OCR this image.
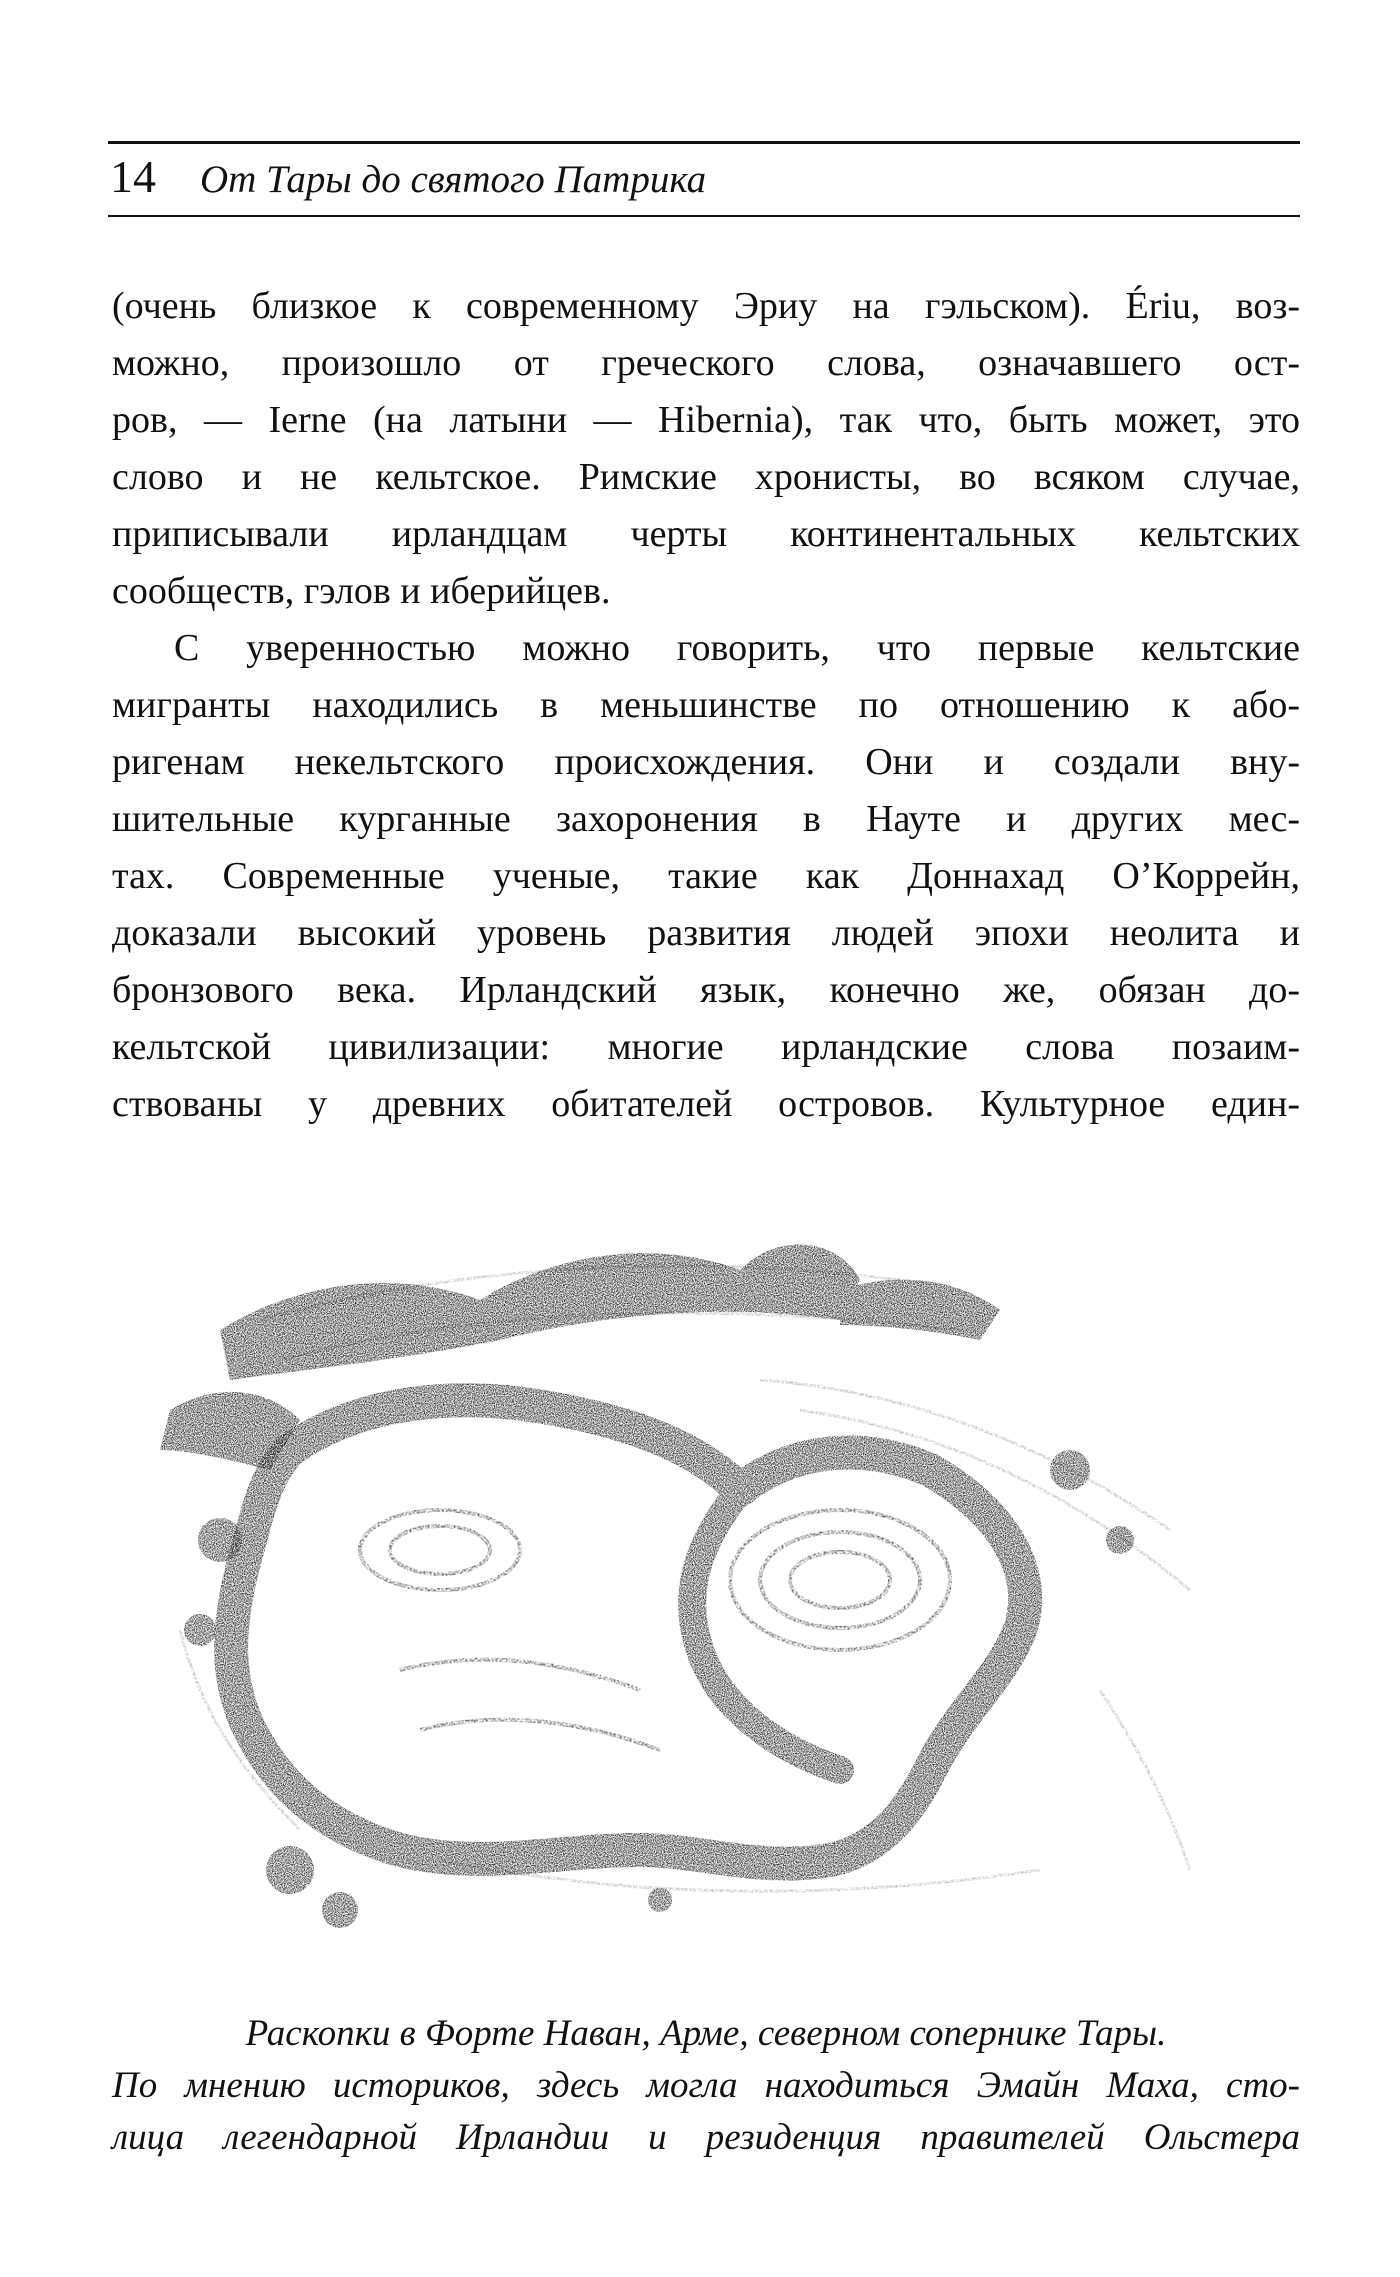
14 От Тары до святого Патрика
(очень близкое к современному Эриу на гэльском). Ériu, воз-
можно, произошло от греческого слова, означавшего ост-
ров, — Ierne (на латыни — Hibernia), так что, быть может, это
слово и не кельтское. Римские хронисты, во всяком случае,
приписывали ирландцам черты континентальных кельтских
сообществ, гэлов и иберийцев.
С уверенностью можно говорить, что первые кельтские
мигранты находились в меньшинстве по отношению к або-
ригенам некельтского происхождения. Они и создали вну-
шительные курганные захоронения в Науте и других мес-
тах. Современные ученые, такие как Доннахад О’Коррейн,
доказали высокий уровень развития людей эпохи неолита и
бронзового века. Ирландский язык, конечно же, обязан до-
кельтской цивилизации: многие ирландские слова позаим-
ствованы у древних обитателей островов. Культурное един-
Раскопки в Форте Наван, Арме, северном сопернике Тары.
По мнению историков, здесь могла находиться Эмайн Маха, сто-
лица легендарной Ирландии и резиденция правителей Ольстера
